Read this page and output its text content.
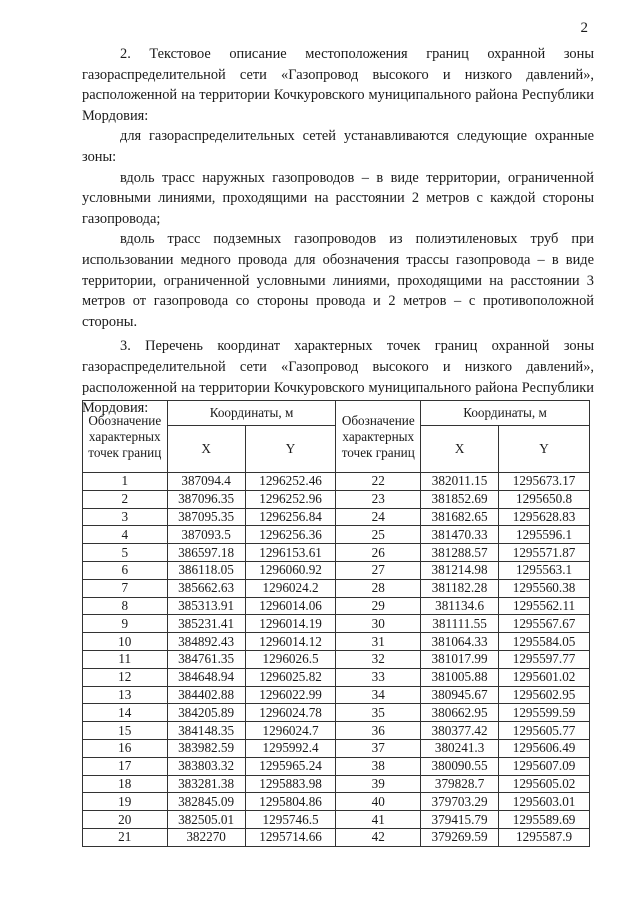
2

2. Текстовое описание местоположения границ охранной зоны газораспределительной сети «Газопровод высокого и низкого давлений», расположенной на территории Кочкуровского муниципального района Республики Мордовия:

для газораспределительных сетей устанавливаются следующие охранные зоны:

вдоль трасс наружных газопроводов – в виде территории, ограниченной условными линиями, проходящими на расстоянии 2 метров с каждой стороны газопровода;

вдоль трасс подземных газопроводов из полиэтиленовых труб при использовании медного провода для обозначения трассы газопровода – в виде территории, ограниченной условными линиями, проходящими на расстоянии 3 метров от газопровода со стороны провода и 2 метров – с противоположной стороны.

3. Перечень координат характерных точек границ охранной зоны газораспределительной сети «Газопровод высокого и низкого давлений», расположенной на территории Кочкуровского муниципального района Республики Мордовия:

Обозначение характерных точек границ	Координаты, м		Обозначение характерных точек границ	Координаты, м	
	X	Y		X	Y
1	387094.4	1296252.46	22	382011.15	1295673.17
2	387096.35	1296252.96	23	381852.69	1295650.8
3	387095.35	1296256.84	24	381682.65	1295628.83
4	387093.5	1296256.36	25	381470.33	1295596.1
5	386597.18	1296153.61	26	381288.57	1295571.87
6	386118.05	1296060.92	27	381214.98	1295563.1
7	385662.63	1296024.2	28	381182.28	1295560.38
8	385313.91	1296014.06	29	381134.6	1295562.11
9	385231.41	1296014.19	30	381111.55	1295567.67
10	384892.43	1296014.12	31	381064.33	1295584.05
11	384761.35	1296026.5	32	381017.99	1295597.77
12	384648.94	1296025.82	33	381005.88	1295601.02
13	384402.88	1296022.99	34	380945.67	1295602.95
14	384205.89	1296024.78	35	380662.95	1295599.59
15	384148.35	1296024.7	36	380377.42	1295605.77
16	383982.59	1295992.4	37	380241.3	1295606.49
17	383803.32	1295965.24	38	380090.55	1295607.09
18	383281.38	1295883.98	39	379828.7	1295605.02
19	382845.09	1295804.86	40	379703.29	1295603.01
20	382505.01	1295746.5	41	379415.79	1295589.69
21	382270	1295714.66	42	379269.59	1295587.9
